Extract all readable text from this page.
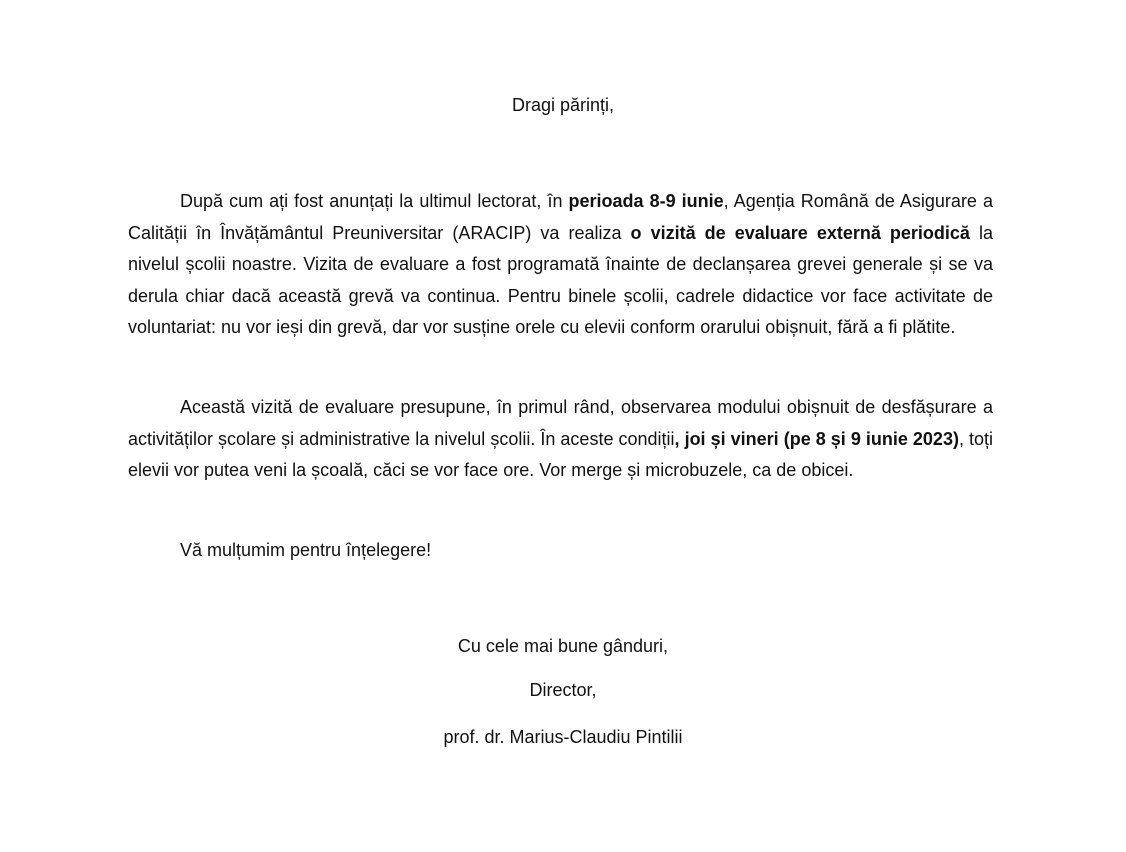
Dragi părinți,

După cum ați fost anunțați la ultimul lectorat, în perioada 8-9 iunie, Agenția Română de Asigurare a Calității în Învățământul Preuniversitar (ARACIP) va realiza o vizită de evaluare externă periodică la nivelul școlii noastre. Vizita de evaluare a fost programată înainte de declanșarea grevei generale și se va derula chiar dacă această grevă va continua. Pentru binele școlii, cadrele didactice vor face activitate de voluntariat: nu vor ieși din grevă, dar vor susține orele cu elevii conform orarului obișnuit, fără a fi plătite.

Această vizită de evaluare presupune, în primul rând, observarea modului obișnuit de desfășurare a activităților școlare și administrative la nivelul școlii. În aceste condiții, joi și vineri (pe 8 și 9 iunie 2023), toți elevii vor putea veni la școală, căci se vor face ore. Vor merge și microbuzele, ca de obicei.

Vă mulțumim pentru înțelegere!

Cu cele mai bune gânduri,
Director,
prof. dr. Marius-Claudiu Pintilii
